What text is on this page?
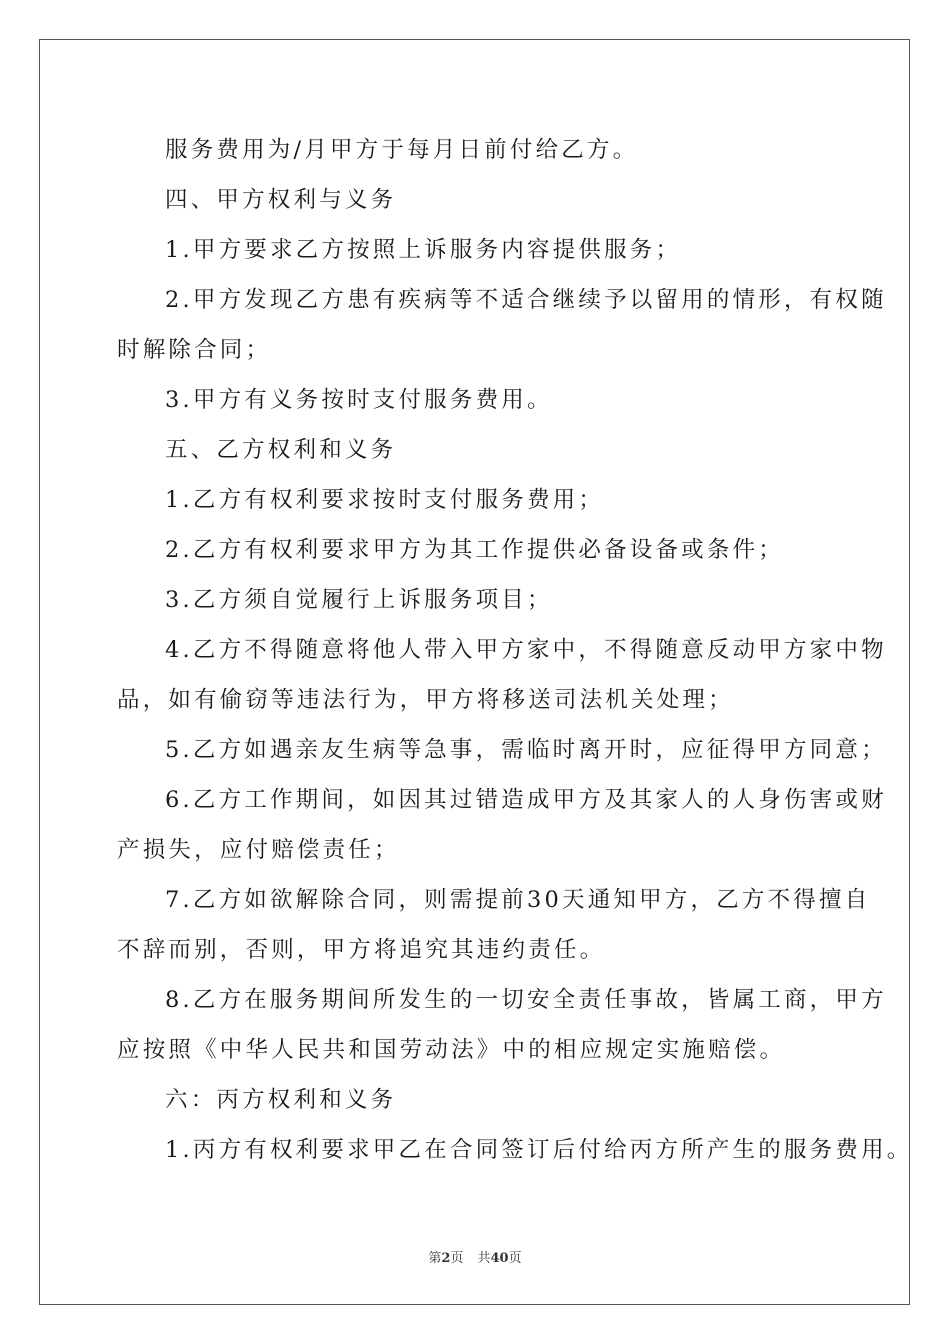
服务费用为/月甲方于每月日前付给乙方。
四、甲方权利与义务
1.甲方要求乙方按照上诉服务内容提供服务；
2.甲方发现乙方患有疾病等不适合继续予以留用的情形，有权随
时解除合同；
3.甲方有义务按时支付服务费用。
五、乙方权利和义务
1.乙方有权利要求按时支付服务费用；
2.乙方有权利要求甲方为其工作提供必备设备或条件；
3.乙方须自觉履行上诉服务项目；
4.乙方不得随意将他人带入甲方家中，不得随意反动甲方家中物
品，如有偷窃等违法行为，甲方将移送司法机关处理；
5.乙方如遇亲友生病等急事，需临时离开时，应征得甲方同意；
6.乙方工作期间，如因其过错造成甲方及其家人的人身伤害或财
产损失，应付赔偿责任；
7.乙方如欲解除合同，则需提前30天通知甲方，乙方不得擅自
不辞而别，否则，甲方将追究其违约责任。
8.乙方在服务期间所发生的一切安全责任事故，皆属工商，甲方
应按照《中华人民共和国劳动法》中的相应规定实施赔偿。
六：丙方权利和义务
1.丙方有权利要求甲乙在合同签订后付给丙方所产生的服务费用。
第2页 共40页
